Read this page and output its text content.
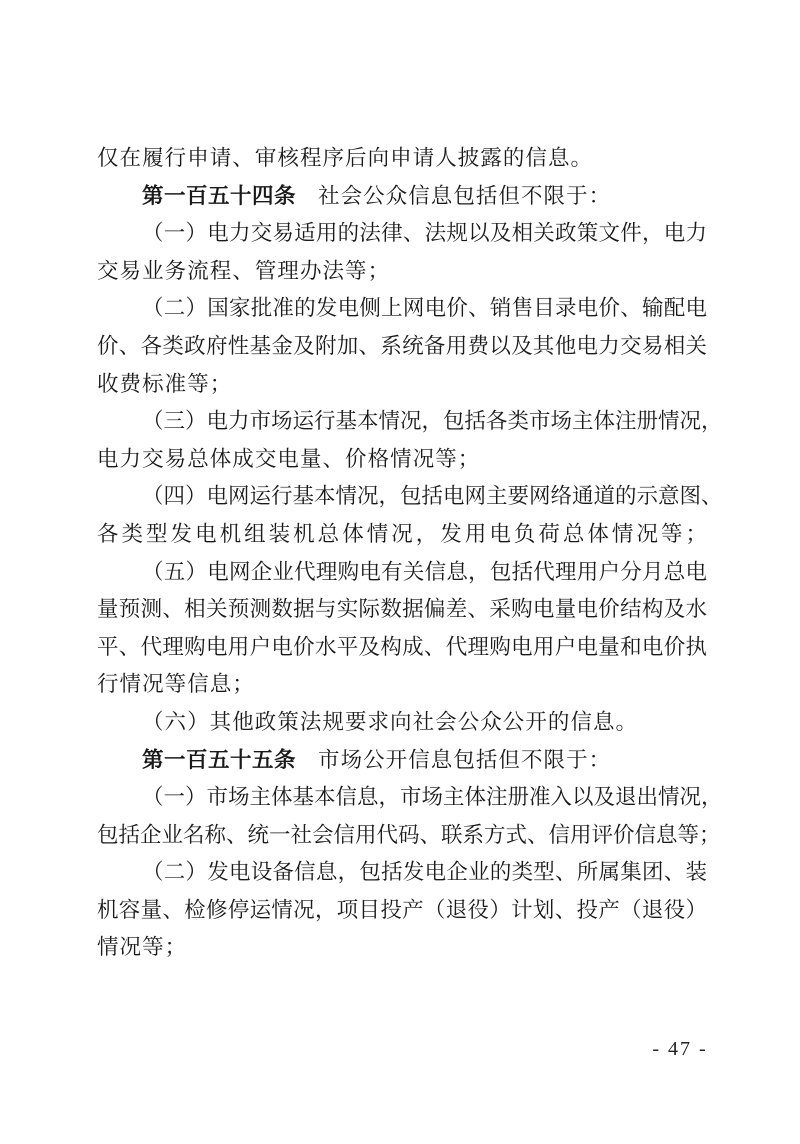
仅在履行申请、审核程序后向申请人披露的信息。
第一百五十四条 社会公众信息包括但不限于：
（一）电力交易适用的法律、法规以及相关政策文件，电力
交易业务流程、管理办法等；
（二）国家批准的发电侧上网电价、销售目录电价、输配电
价、各类政府性基金及附加、系统备用费以及其他电力交易相关
收费标准等；
（三）电力市场运行基本情况，包括各类市场主体注册情况，
电力交易总体成交电量、价格情况等；
（四）电网运行基本情况，包括电网主要网络通道的示意图、
各类型发电机组装机总体情况，发用电负荷总体情况等；
（五）电网企业代理购电有关信息，包括代理用户分月总电
量预测、相关预测数据与实际数据偏差、采购电量电价结构及水
平、代理购电用户电价水平及构成、代理购电用户电量和电价执
行情况等信息；
（六）其他政策法规要求向社会公众公开的信息。
第一百五十五条 市场公开信息包括但不限于：
（一）市场主体基本信息，市场主体注册准入以及退出情况，
包括企业名称、统一社会信用代码、联系方式、信用评价信息等；
（二）发电设备信息，包括发电企业的类型、所属集团、装
机容量、检修停运情况，项目投产（退役）计划、投产（退役）
情况等；
- 47 -
